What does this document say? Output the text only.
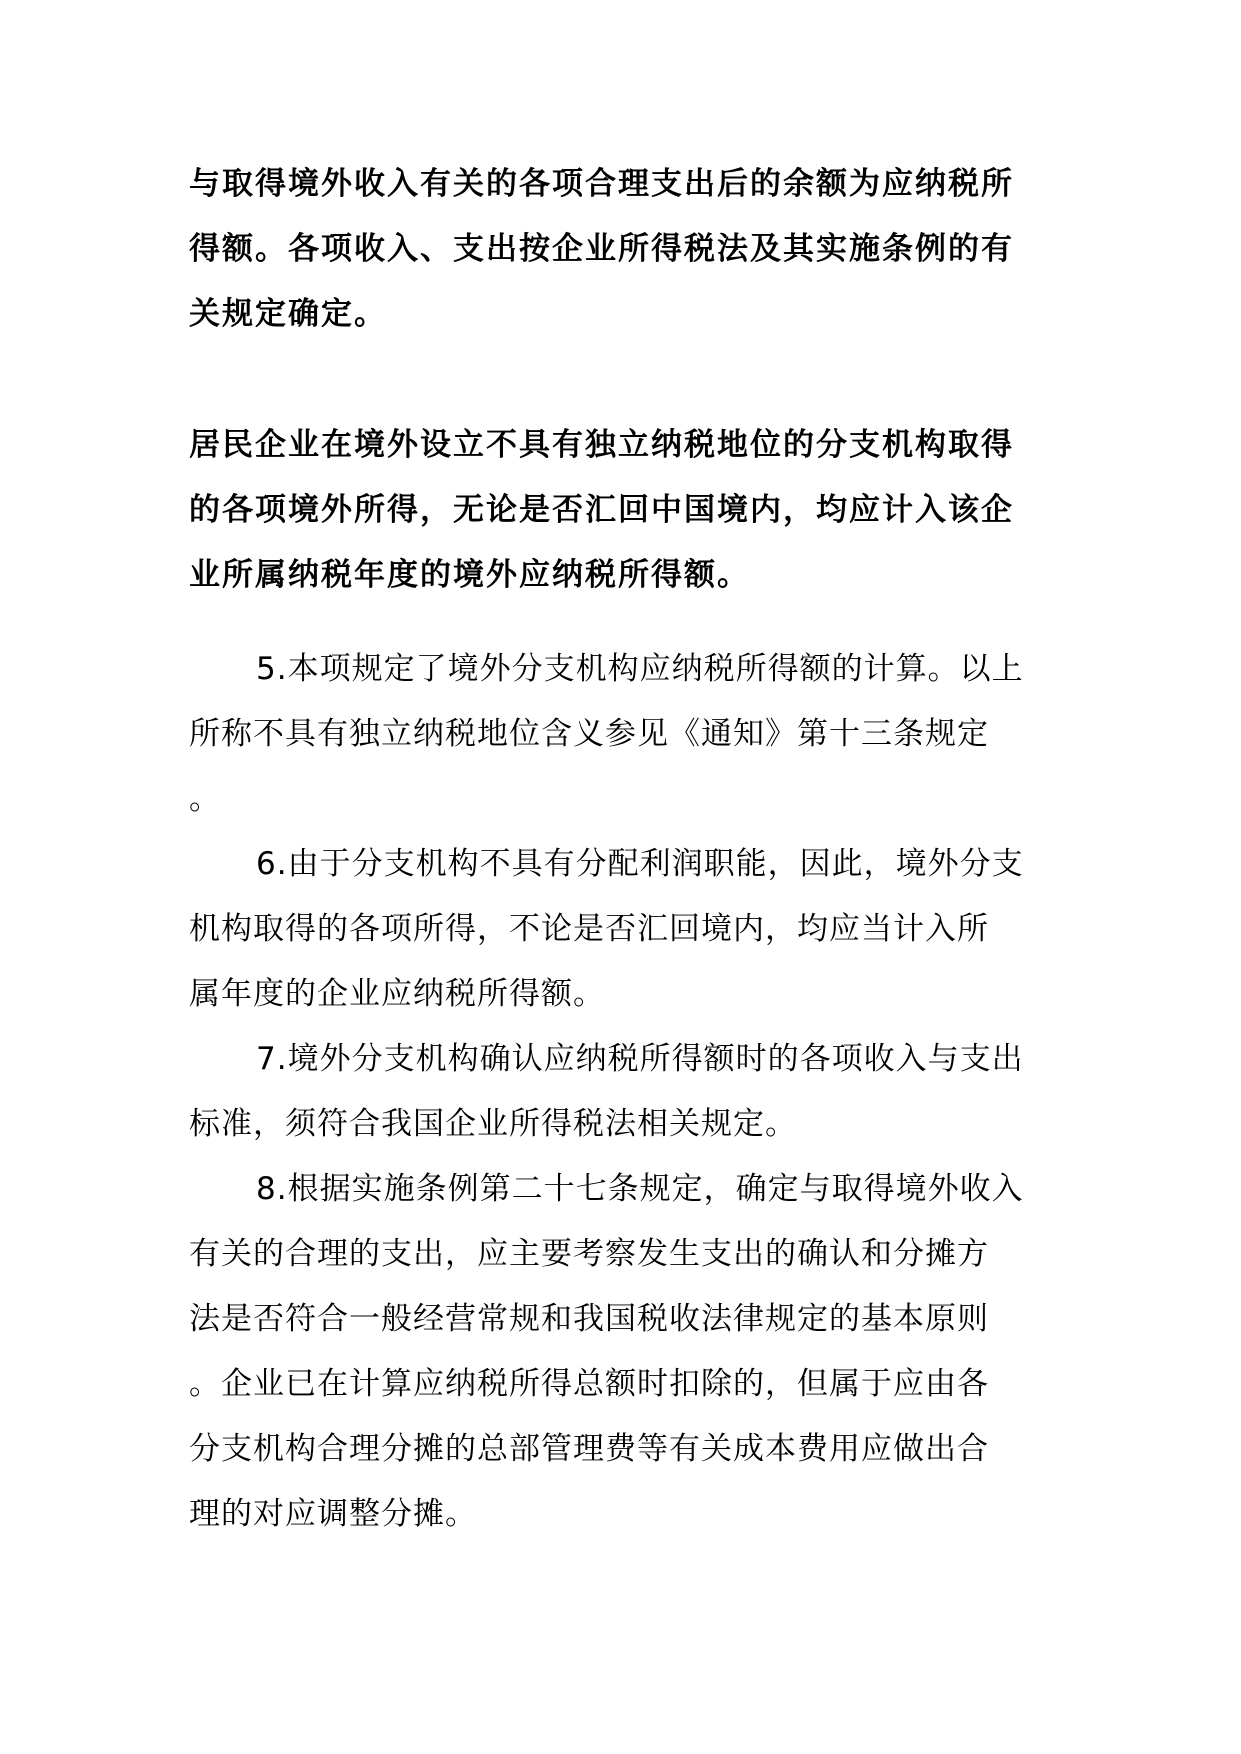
与取得境外收入有关的各项合理支出后的余额为应纳税所
得额。各项收入、支出按企业所得税法及其实施条例的有
关规定确定。
居民企业在境外设立不具有独立纳税地位的分支机构取得
的各项境外所得，无论是否汇回中国境内，均应计入该企
业所属纳税年度的境外应纳税所得额。
5.本项规定了境外分支机构应纳税所得额的计算。以上
所称不具有独立纳税地位含义参见《通知》第十三条规定
。
6.由于分支机构不具有分配利润职能，因此，境外分支
机构取得的各项所得，不论是否汇回境内，均应当计入所
属年度的企业应纳税所得额。
7.境外分支机构确认应纳税所得额时的各项收入与支出
标准，须符合我国企业所得税法相关规定。
8.根据实施条例第二十七条规定，确定与取得境外收入
有关的合理的支出，应主要考察发生支出的确认和分摊方
法是否符合一般经营常规和我国税收法律规定的基本原则
。企业已在计算应纳税所得总额时扣除的，但属于应由各
分支机构合理分摊的总部管理费等有关成本费用应做出合
理的对应调整分摊。
